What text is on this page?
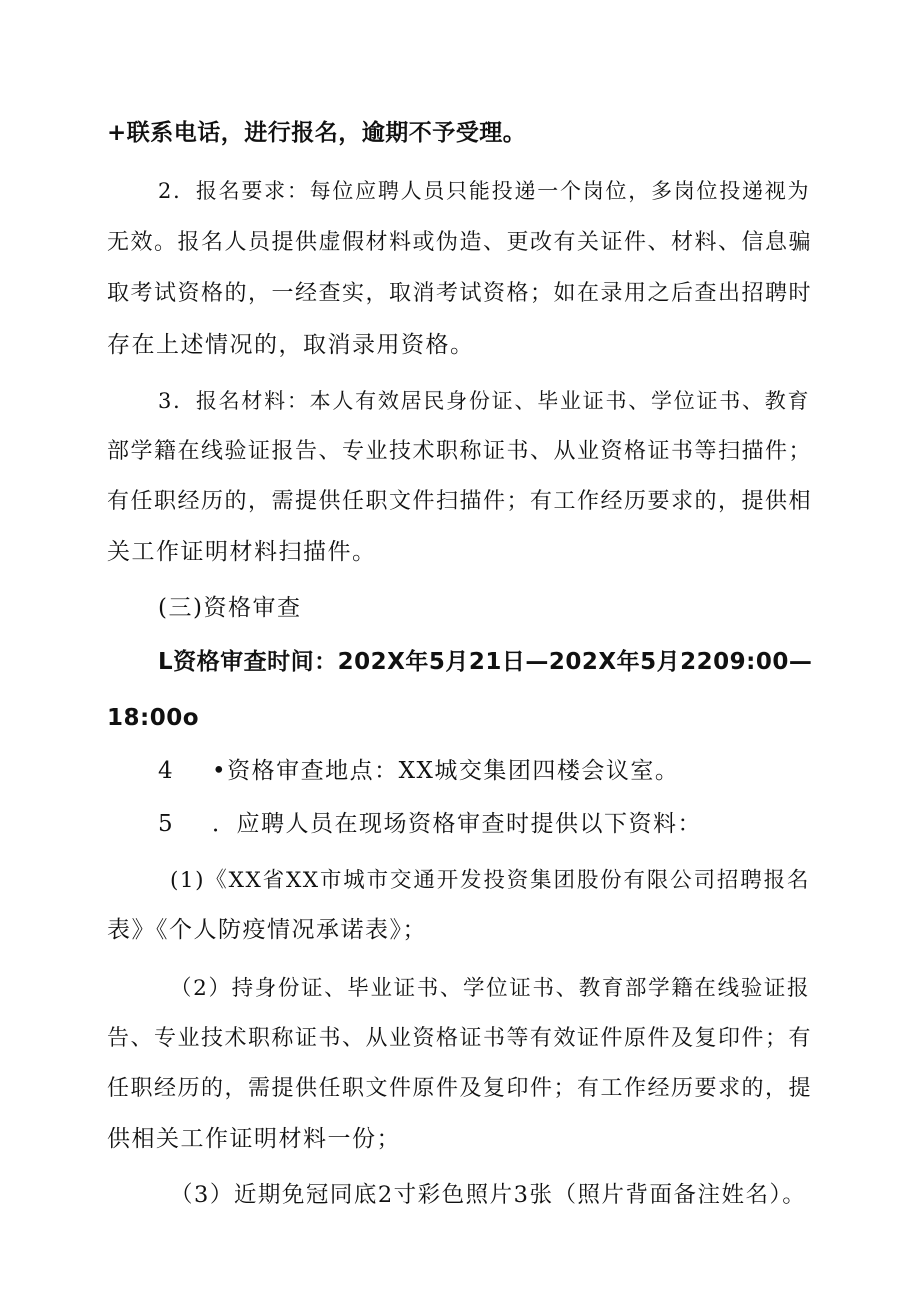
+联系电话，进行报名，逾期不予受理。
2．报名要求：每位应聘人员只能投递一个岗位，多岗位投递视为
无效。报名人员提供虚假材料或伪造、更改有关证件、材料、信息骗
取考试资格的，一经查实，取消考试资格；如在录用之后查出招聘时
存在上述情况的，取消录用资格。
3．报名材料：本人有效居民身份证、毕业证书、学位证书、教育
部学籍在线验证报告、专业技术职称证书、从业资格证书等扫描件；
有任职经历的，需提供任职文件扫描件；有工作经历要求的，提供相
关工作证明材料扫描件。
(三)资格审查
L资格审查时间：202X年5月21日—202X年5月2209:00—
18:00o
4 •资格审查地点：XX城交集团四楼会议室。
5 ．应聘人员在现场资格审查时提供以下资料：
(1)《XX省XX市城市交通开发投资集团股份有限公司招聘报名
表》《个人防疫情况承诺表》；
（2）持身份证、毕业证书、学位证书、教育部学籍在线验证报
告、专业技术职称证书、从业资格证书等有效证件原件及复印件；有
任职经历的，需提供任职文件原件及复印件；有工作经历要求的，提
供相关工作证明材料一份；
（3）近期免冠同底2寸彩色照片3张（照片背面备注姓名）。
